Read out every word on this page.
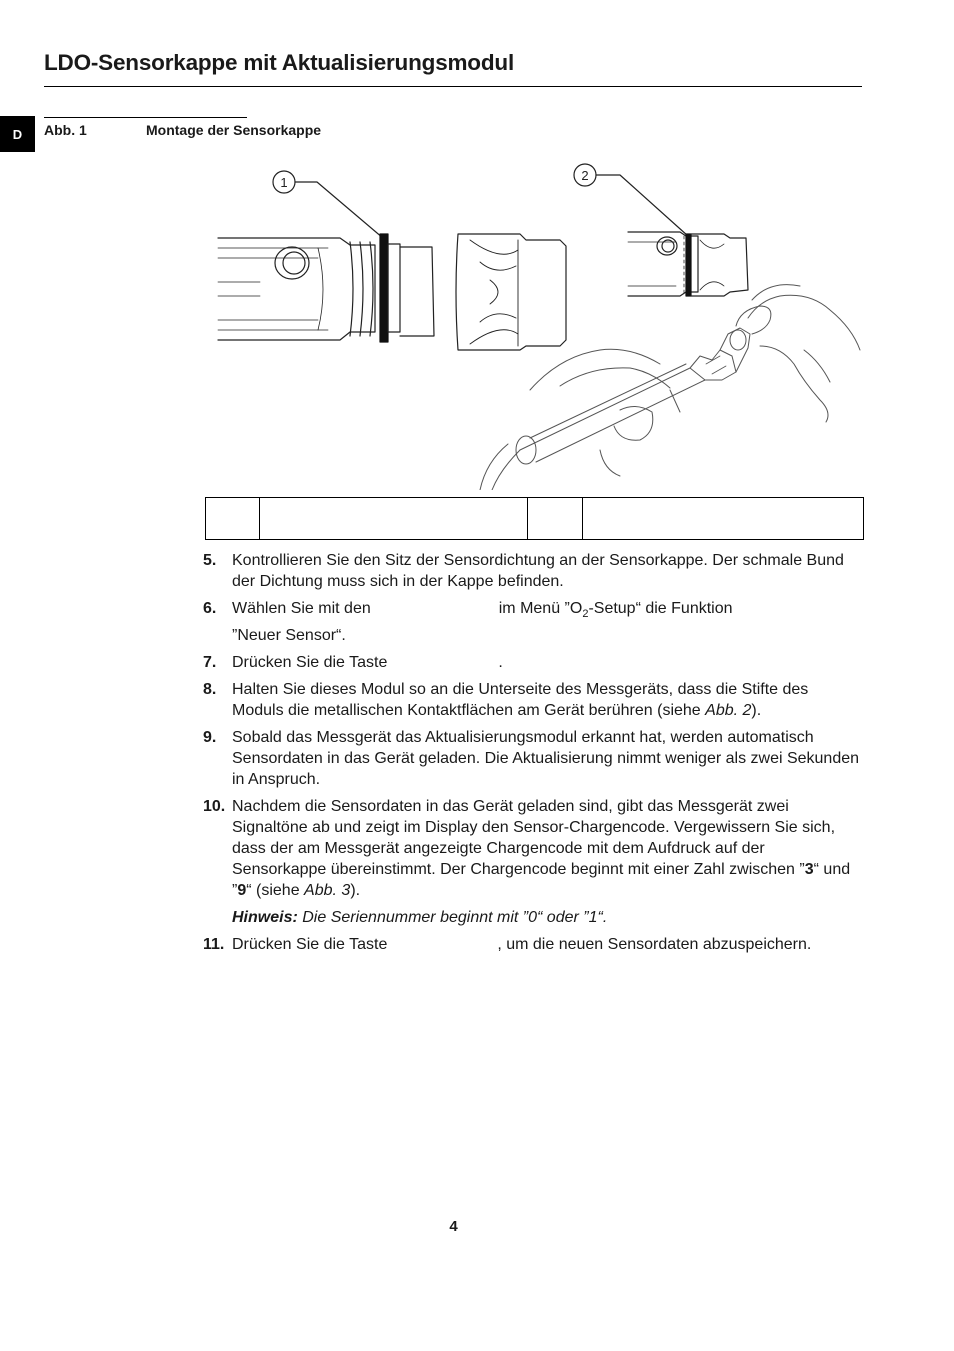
LDO-Sensorkappe mit Aktualisierungsmodul
D	Abb. 1	Montage der Sensorkappe
1	2

5. Kontrollieren Sie den Sitz der Sensordichtung an der Sensorkappe. Der schmale Bund der Dichtung muss sich in der Kappe befinden.
6. Wählen Sie mit den	im Menü $”O_2-Setup“$ die Funktion
”Neuer Sensor“.
7. Drücken Sie die Taste	.
8. Halten Sie dieses Modul so an die Unterseite des Messgeräts, dass die Stifte des Moduls die metallischen Kontaktflächen am Gerät berühren (siehe Abb. 2).
9. Sobald das Messgerät das Aktualisierungsmodul erkannt hat, werden automatisch Sensordaten in das Gerät geladen. Die Aktualisierung nimmt weniger als zwei Sekunden in Anspruch.
10. Nachdem die Sensordaten in das Gerät geladen sind, gibt das Messgerät zwei Signaltöne ab und zeigt im Display den Sensor-Chargencode. Vergewissern Sie sich, dass der am Messgerät angezeigte Chargencode mit dem Aufdruck auf der Sensorkappe übereinstimmt. Der Chargencode beginnt mit einer Zahl zwischen ”3“ und ”9“ (siehe Abb. 3).
Hinweis: Die Seriennummer beginnt mit ”0“ oder ”1“.
11. Drücken Sie die Taste	, um die neuen Sensordaten abzuspeichern.
4
